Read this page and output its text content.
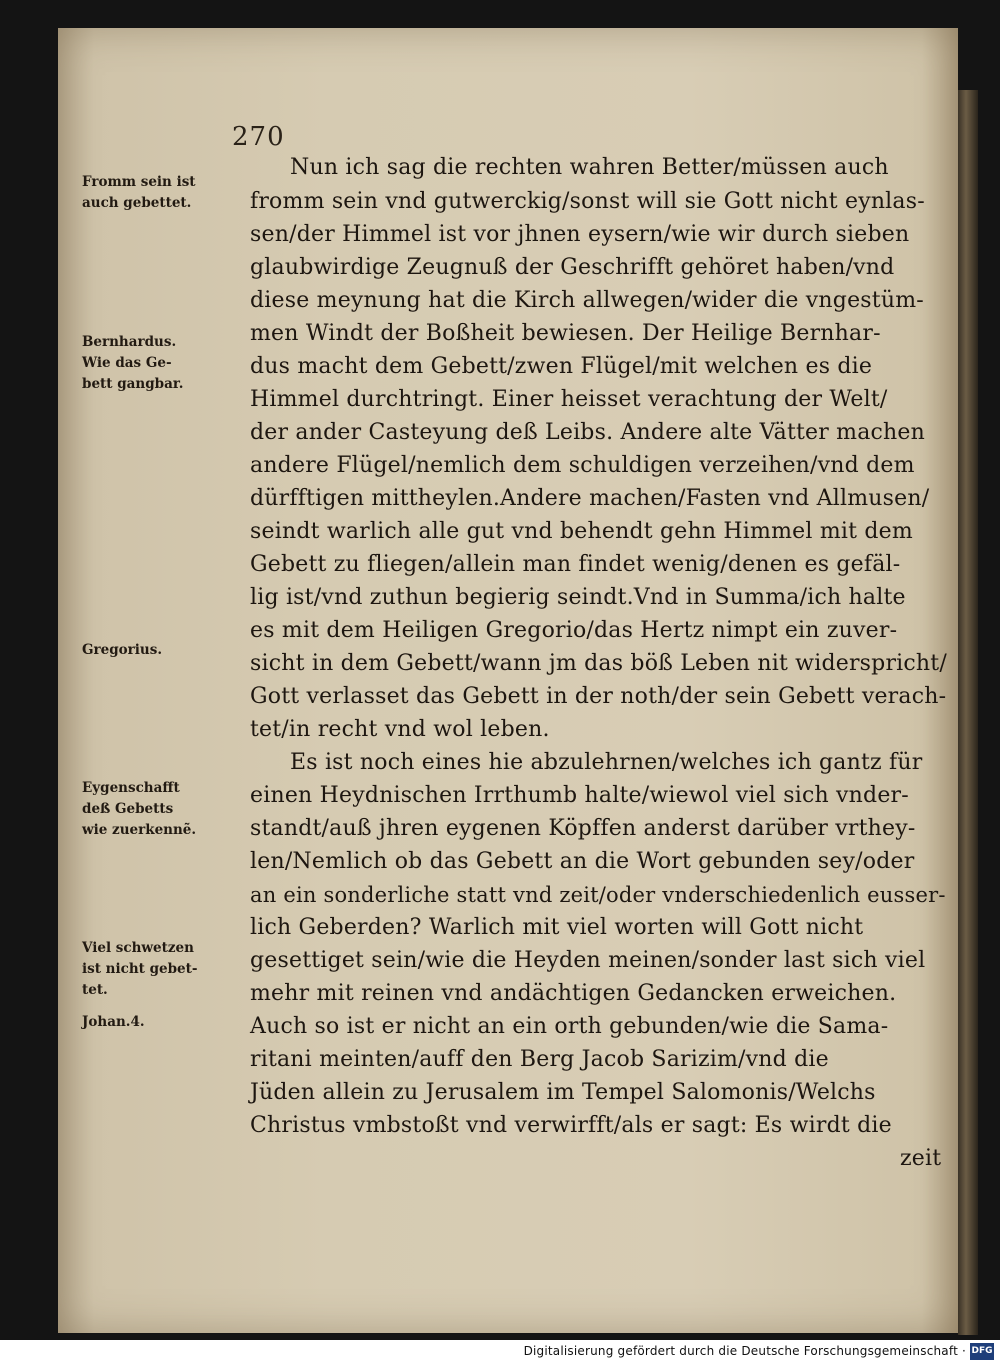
270
Fromm sein ist
auch gebettet.
Bernhardus.
Wie das Ge-
bett gangbar.
Gregorius.
Eygenschafft
deß Gebetts
wie zuerkennẽ.
Viel schwetzen
ist nicht gebet-
tet.
Johan.4.
Nun ich sag die rechten wahren Better/müssen auch
fromm sein vnd gutwerckig/sonst will sie Gott nicht eynlas-
sen/der Himmel ist vor jhnen eysern/wie wir durch sieben
glaubwirdige Zeugnuß der Geschrifft gehöret haben/vnd
diese meynung hat die Kirch allwegen/wider die vngestüm-
men Windt der Boßheit bewiesen. Der Heilige Bernhar-
dus macht dem Gebett/zwen Flügel/mit welchen es die
Himmel durchtringt. Einer heisset verachtung der Welt/
der ander Casteyung deß Leibs. Andere alte Vätter machen
andere Flügel/nemlich dem schuldigen verzeihen/vnd dem
dürfftigen mittheylen.Andere machen/Fasten vnd Allmusen/
seindt warlich alle gut vnd behendt gehn Himmel mit dem
Gebett zu fliegen/allein man findet wenig/denen es gefäl-
lig ist/vnd zuthun begierig seindt.Vnd in Summa/ich halte
es mit dem Heiligen Gregorio/das Hertz nimpt ein zuver-
sicht in dem Gebett/wann jm das böß Leben nit widerspricht/
Gott verlasset das Gebett in der noth/der sein Gebett verach-
tet/in recht vnd wol leben.
Es ist noch eines hie abzulehrnen/welches ich gantz für
einen Heydnischen Irrthumb halte/wiewol viel sich vnder-
standt/auß jhren eygenen Köpffen anderst darüber vrthey-
len/Nemlich ob das Gebett an die Wort gebunden sey/oder
an ein sonderliche statt vnd zeit/oder vnderschiedenlich eusser-
lich Geberden? Warlich mit viel worten will Gott nicht
gesettiget sein/wie die Heyden meinen/sonder last sich viel
mehr mit reinen vnd andächtigen Gedancken erweichen.
Auch so ist er nicht an ein orth gebunden/wie die Sama-
ritani meinten/auff den Berg Jacob Sarizim/vnd die
Jüden allein zu Jerusalem im Tempel Salomonis/Welchs
Christus vmbstoßt vnd verwirfft/als er sagt: Es wirdt die
zeit
Digitalisierung gefördert durch die Deutsche Forschungsgemeinschaft · DFG
